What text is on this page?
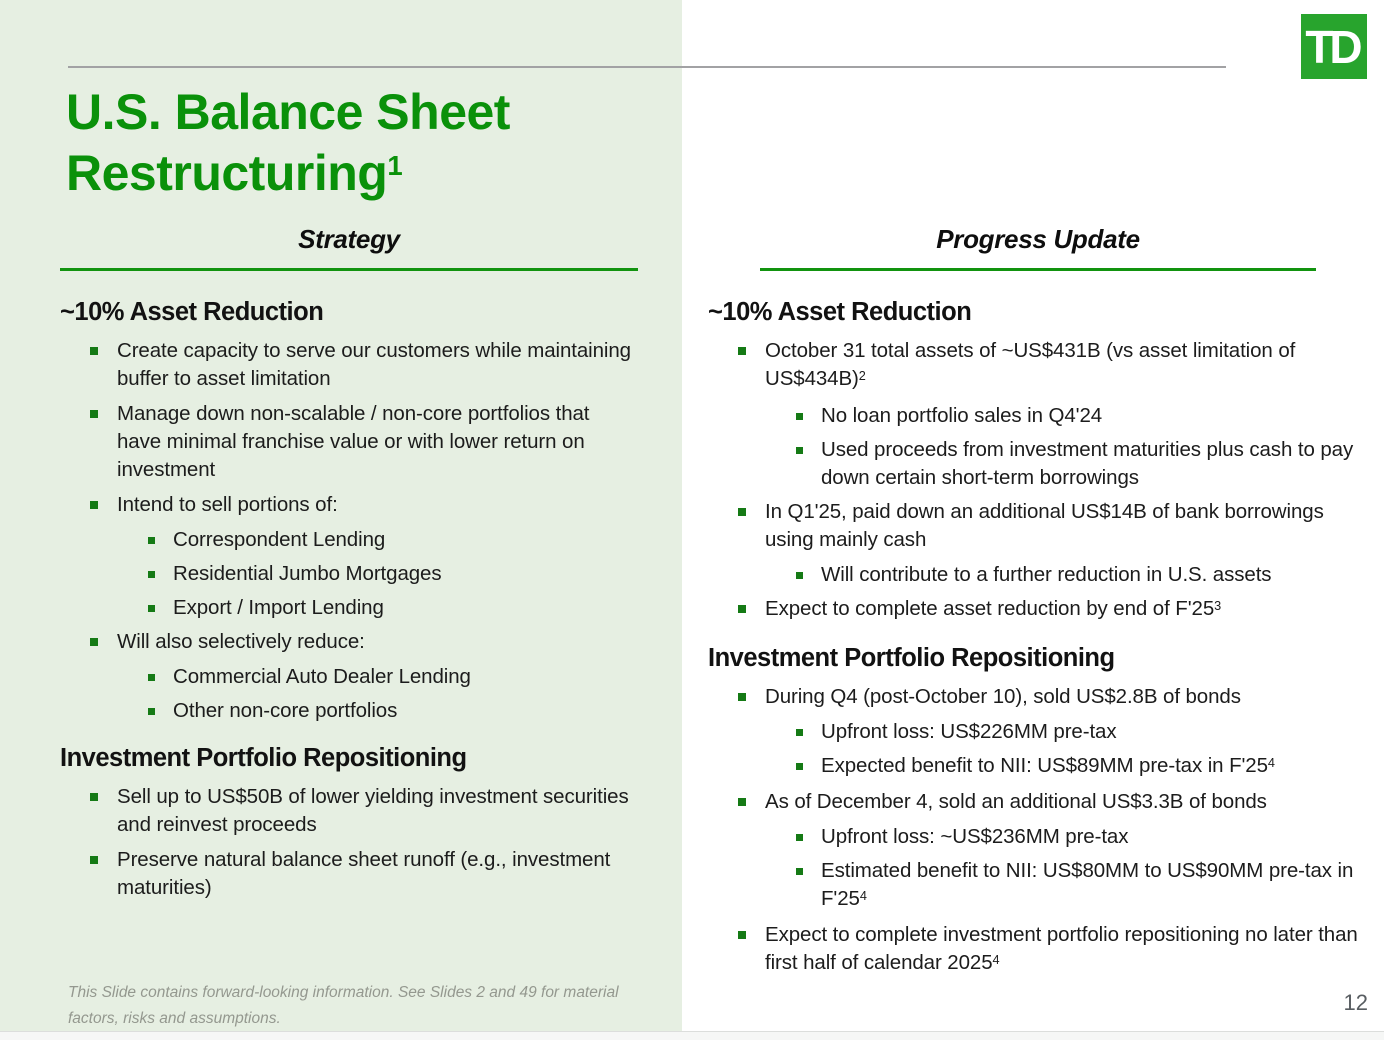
TD
U.S. Balance Sheet
Restructuring$^1$
Strategy
~10% Asset Reduction
Create capacity to serve our customers while maintaining buffer to asset limitation
Manage down non-scalable / non-core portfolios that have minimal franchise value or with lower return on investment
Intend to sell portions of:
Correspondent Lending
Residential Jumbo Mortgages
Export / Import Lending
Will also selectively reduce:
Commercial Auto Dealer Lending
Other non-core portfolios
Investment Portfolio Repositioning
Sell up to US$50B of lower yielding investment securities and reinvest proceeds
Preserve natural balance sheet runoff (e.g., investment maturities)
Progress Update
~10% Asset Reduction
October 31 total assets of ~US$431B (vs asset limitation of US$434B)$^2$
No loan portfolio sales in Q4'24
Used proceeds from investment maturities plus cash to pay down certain short-term borrowings
In Q1'25, paid down an additional US$14B of bank borrowings using mainly cash
Will contribute to a further reduction in U.S. assets
Expect to complete asset reduction by end of $F'25^3$
Investment Portfolio Repositioning
During Q4 (post-October 10), sold US$2.8B of bonds
Upfront loss: US$226MM pre-tax
Expected benefit to NII: US$89MM pre-tax in $F'25^4$
As of December 4, sold an additional US$3.3B of bonds
Upfront loss: ~US$236MM pre-tax
Estimated benefit to NII: US$80MM to US$90MM pre-tax in $F'25^4$
Expect to complete investment portfolio repositioning no later than first half of calendar 2025$^4$
This Slide contains forward-looking information. See Slides 2 and 49 for material factors, risks and assumptions.
12
